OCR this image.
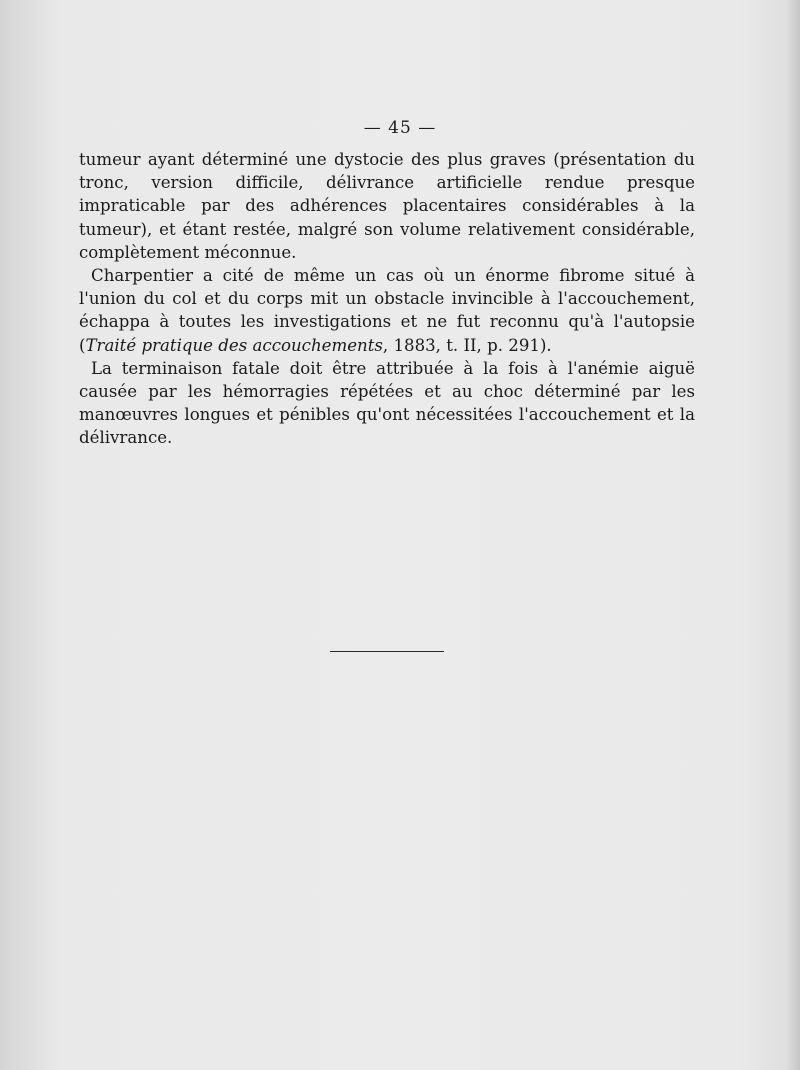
— 45 —

tumeur ayant déterminé une dystocie des plus graves (présentation du tronc, version difficile, délivrance artificielle rendue presque impraticable par des adhérences placentaires considérables à la tumeur), et étant restée, malgré son volume relativement considérable, complètement méconnue.

Charpentier a cité de même un cas où un énorme fibrome situé à l'union du col et du corps mit un obstacle invincible à l'accouchement, échappa à toutes les investigations et ne fut reconnu qu'à l'autopsie (Traité pratique des accouchements, 1883, t. II, p. 291).

La terminaison fatale doit être attribuée à la fois à l'anémie aiguë causée par les hémorragies répétées et au choc déterminé par les manœuvres longues et pénibles qu'ont nécessitées l'accouchement et la délivrance.
